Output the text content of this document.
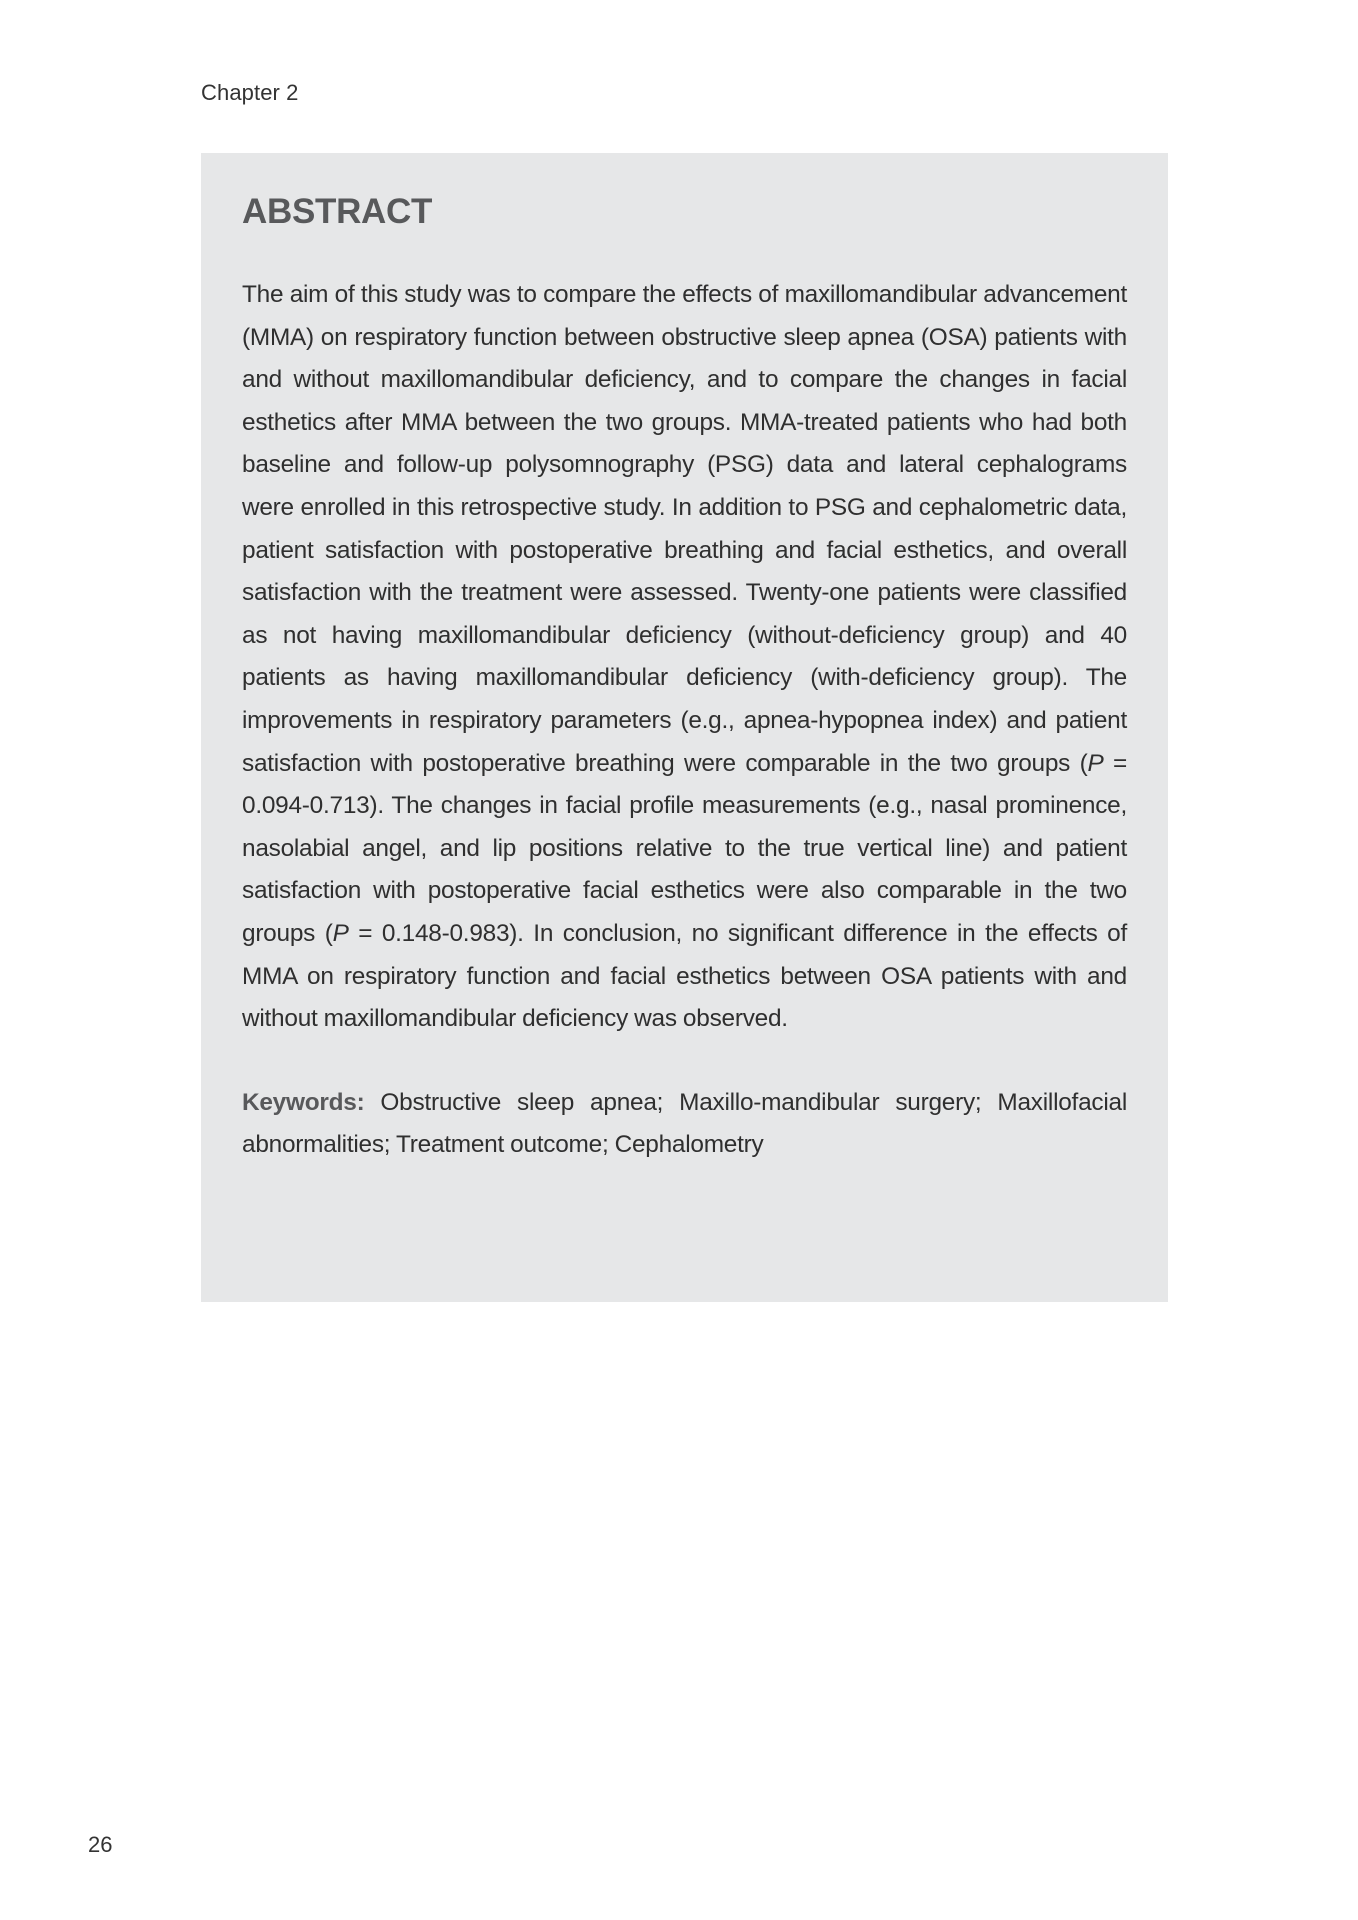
Chapter 2
ABSTRACT

The aim of this study was to compare the effects of maxillomandibular advancement (MMA) on respiratory function between obstructive sleep apnea (OSA) patients with and without maxillomandibular deficiency, and to compare the changes in facial esthetics after MMA between the two groups. MMA-treated patients who had both baseline and follow-up polysomnography (PSG) data and lateral cephalograms were enrolled in this retrospective study. In addition to PSG and cephalometric data, patient satisfaction with postoperative breathing and facial esthetics, and overall satisfaction with the treatment were assessed. Twenty-one patients were classified as not having maxillomandibular deficiency (without-deficiency group) and 40 patients as having maxillomandibular deficiency (with-deficiency group). The improvements in respiratory parameters (e.g., apnea-hypopnea index) and patient satisfaction with postoperative breathing were comparable in the two groups (P = 0.094-0.713). The changes in facial profile measurements (e.g., nasal prominence, nasolabial angel, and lip positions relative to the true vertical line) and patient satisfaction with postoperative facial esthetics were also comparable in the two groups (P = 0.148-0.983). In conclusion, no significant difference in the effects of MMA on respiratory function and facial esthetics between OSA patients with and without maxillomandibular deficiency was observed.

Keywords: Obstructive sleep apnea; Maxillo-mandibular surgery; Maxillofacial abnormalities; Treatment outcome; Cephalometry

26
